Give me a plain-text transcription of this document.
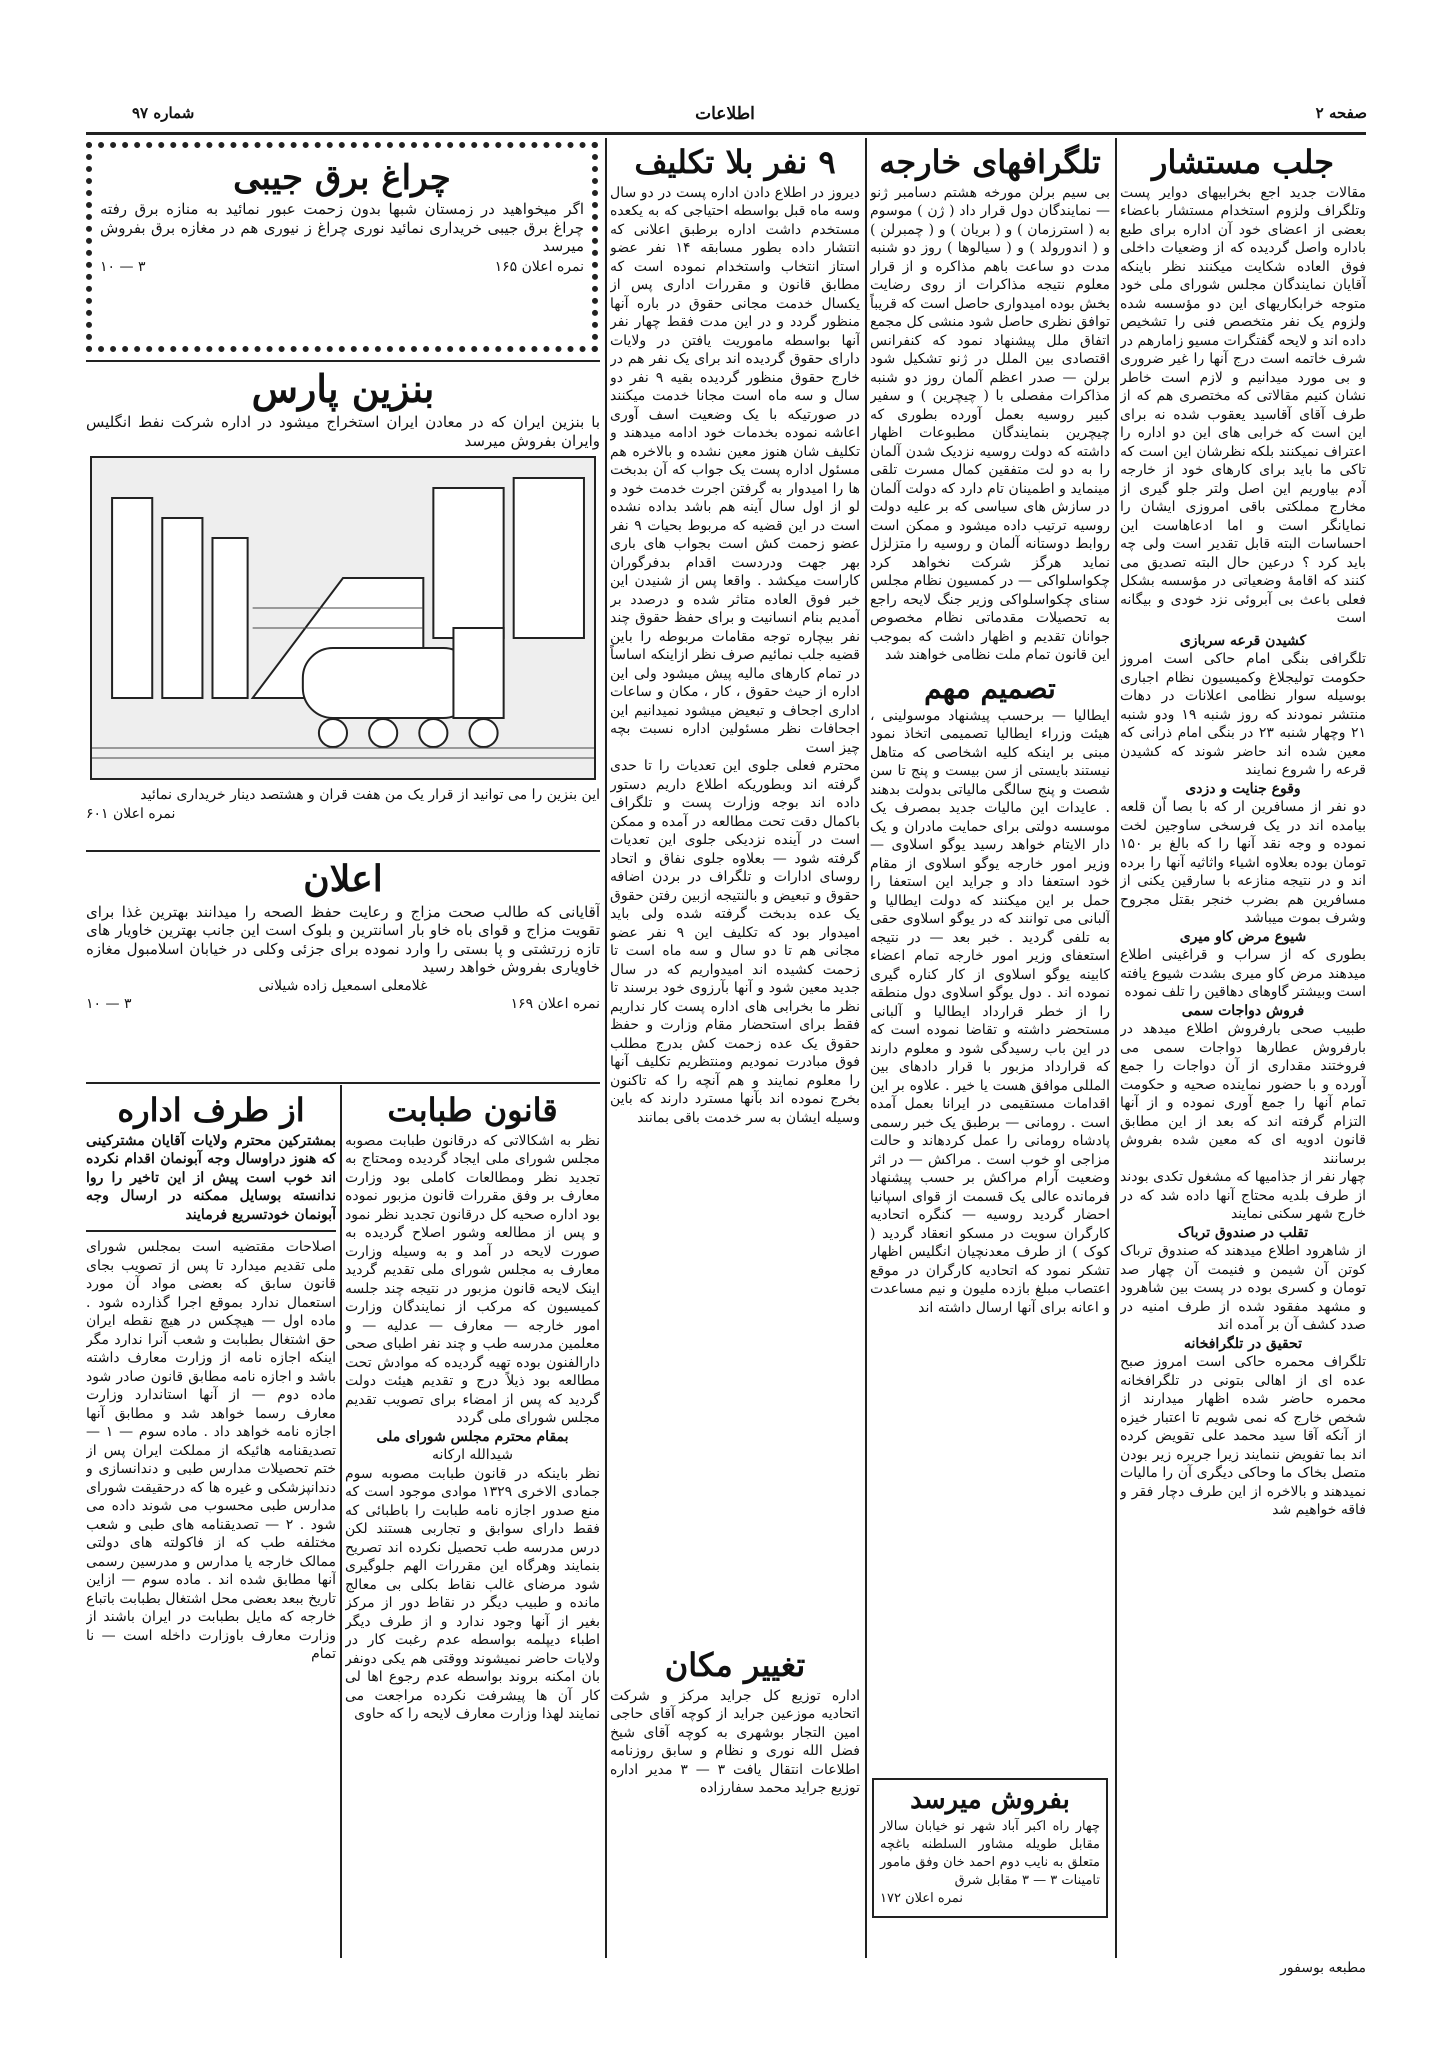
صفحه ۲
اطلاعات
شماره ۹۷
جلب مستشار
مقالات جدید اجع بخرابیهای دوایر پست وتلگراف ولزوم استخدام مستشار باعضاء بعضی از اعضای خود آن اداره برای طبع باداره واصل گردیده که از وضعیات داخلی فوق العاده شکایت میکنند نظر باینکه آقایان نمایندگان مجلس شورای ملی خود متوجه خرابکاریهای این دو مؤسسه شده ولزوم یک نفر متخصص فنی را تشخیص داده اند و لایحه گفتگرات مسیو زامارهم در شرف خاتمه است درج آنها را غیر ضروری و بی مورد میدانیم و لازم است خاطر نشان کنیم مقالاتی که مختصری هم که از طرف آقای آقاسید یعقوب شده نه برای این است که خرابی های این دو اداره را اعتراف نمیکنند بلکه نظرشان این است که تاکی ما باید برای کارهای خود از خارجه آدم بیاوریم این اصل ولتر جلو گیری از مخارج مملکتی باقی امروزی ایشان را نمایانگر است و اما ادعاهاست این احساسات البته قابل تقدیر است ولی چه باید کرد ؟ درعین حال البته تصدیق می کنند که اقامهٔ وضعیاتی در مؤسسه بشکل فعلی باعث بی آبروئی نزد خودی و بیگانه است
کشیدن قرعه سربازی
تلگرافی بنگی امام حاکی است امروز حکومت تولیجلاغ وکمیسیون نظام اجباری بوسیله سوار نظامی اعلانات در دهات منتشر نمودند که روز شنبه ۱۹ ودو شنبه ۲۱ وچهار شنبه ۲۳ در بنگی امام ذرانی که معین شده اند حاضر شوند که کشیدن قرعه را شروع نمایند
وقوع جنایت و دزدی
دو نفر از مسافرین ار که با بصا اّن قلعه بیامده اند در یک فرسخی ساوجین لخت نموده و وجه نقد آنها را که بالغ بر ۱۵۰ تومان بوده بعلاوه اشیاء واثاثیه آنها را برده اند و در نتیجه منازعه با سارقین یکنی از مسافرین هم بضرب خنجر بقتل مجروح وشرف بموت میباشد
شیوع مرض کاو میری
بطوری که از سراب و قراغینی اطلاع میدهند مرض کاو میری بشدت شیوع یافته است وبیشتر گاوهای دهاقین را تلف نموده
فروش دواجات سمی
طبیب صحی بارفروش اطلاع میدهد در بارفروش عطارها دواجات سمی می فروختند مقداری از آن دواجات را جمع آورده و با حضور نماینده صحیه و حکومت تمام آنها را جمع آوری نموده و از آنها التزام گرفته اند که بعد از این مطابق قانون ادویه ای که معین شده بفروش برسانند
چهار نفر از جذامیها که مشغول تکدی بودند از طرف بلدیه محتاج آنها داده شد که در خارج شهر سکنی نمایند
تقلب در صندوق ترباک
از شاهرود اطلاع میدهند که صندوق ترباک کوتن آن شیمن و فنیمت آن چهار صد تومان و کسری بوده در پست بین شاهرود و مشهد مفقود شده از طرف امنیه در صدد کشف آن بر آمده اند
تحقیق در تلگرافخانه
تلگراف محمره حاکی است امروز صبح عده ای از اهالی بتونی در تلگرافخانه محمره حاضر شده اظهار میدارند از شخص خارج که نمی شویم تا اعتبار خیزه از آنکه آقا سید محمد علی تقویض کرده اند بما تفویض ننمایند زیرا جریره زیر بودن متصل بخاک ما وحاکی دیگری آن را مالیات نمیدهند و بالاخره از این طرف دچار فقر و فاقه خواهیم شد
مطبعه بوسفور
تلگرافهای خارجه
بی سیم برلن مورخه هشتم دسامبر ژنو — نمایندگان دول قرار داد ( ژن ) موسوم به ( استرزمان ) و ( بریان ) و ( چمبرلن ) و ( اندورولد ) و ( سیالوها ) روز دو شنبه مدت دو ساعت باهم مذاکره و از قرار معلوم نتیجه مذاکرات از روی رضایت بخش بوده امیدواری حاصل است که قریباً توافق نظری حاصل شود منشی کل مجمع اتفاق ملل پیشنهاد نمود که کنفرانس اقتصادی بین الملل در ژنو تشکیل شود برلن — صدر اعظم آلمان روز دو شنبه مذاکرات مفصلی با ( چیچرین ) و سفیر کبیر روسیه بعمل آورده بطوری که چیچرین بنمایندگان مطبوعات اظهار داشته که دولت روسیه نزدیک شدن آلمان را به دو لت متفقین کمال مسرت تلقی مینماید و اطمینان تام دارد که دولت آلمان در سازش های سیاسی که بر علیه دولت روسیه ترتیب داده میشود و ممکن است روابط دوستانه آلمان و روسیه را متزلزل نماید هرگز شرکت نخواهد کرد چکواسلواکی — در کمسیون نظام مجلس سنای چکواسلواکی وزیر جنگ لایحه راجع به تحصیلات مقدماتی نظام مخصوص جوانان تقدیم و اظهار داشت که بموجب این قانون تمام ملت نظامی خواهند شد
تصمیم مهم
ایطالیا — برحسب پیشنهاد موسولینی ، هیئت وزراء ایطالیا تصمیمی اتخاذ نمود مبنی بر اینکه کلیه اشخاصی که متاهل نیستند بایستی از سن بیست و پنج تا سن شصت و پنج سالگی مالیاتی بدولت بدهند . عایدات این مالیات جدید بمصرف یک موسسه دولتی برای حمایت مادران و یک دار الایتام خواهد رسید یوگو اسلاوی — وزیر امور خارجه یوگو اسلاوی از مقام خود استعفا داد و جراید این استعفا را حمل بر این میکنند که دولت ایطالیا و آلبانی می توانند که در یوگو اسلاوی حقی به تلفی گردید . خبر بعد — در نتیجه استعفای وزیر امور خارجه تمام اعضاء کابینه یوگو اسلاوی از کار کناره گیری نموده اند . دول یوگو اسلاوی دول منطقه را از خطر قرارداد ایطالیا و آلبانی مستحضر داشته و تقاضا نموده است که در این باب رسیدگی شود و معلوم دارند که قرارداد مزبور با قرار دادهای بین المللی موافق هست یا خیر . علاوه بر این اقدامات مستقیمی در ایرانا بعمل آمده است . رومانی — برطبق یک خبر رسمی پادشاه رومانی را عمل کردهاند و حالت مزاجی او خوب است . مراکش — در اثر وضعیت آرام مراکش بر حسب پیشنهاد فرمانده عالی یک قسمت از قوای اسپانیا احضار گردید روسیه — کنگره اتحادیه کارگران سویت در مسکو انعقاد گردید ( کوک ) از طرف معدنچیان انگلیس اظهار تشکر نمود که اتحادیه کارگران در موقع اعتصاب مبلغ بازده ملیون و نیم مساعدت و اعانه برای آنها ارسال داشته اند
بفروش میرسد
چهار راه اکبر آباد شهر نو خیابان سالار مقابل طویله مشاور السلطنه باغچه متعلق به نایب دوم احمد خان وفق مامور تامینات ۳ — ۳ مقابل شرق
نمره اعلان ۱۷۲
۹ نفر بلا تکلیف
دیروز در اطلاع دادن اداره پست در دو سال وسه ماه قبل بواسطه احتیاجی که به یکعده مستخدم داشت اداره برطبق اعلانی که انتشار داده بطور مسابقه ۱۴ نفر عضو استاز انتخاب واستخدام نموده است که مطابق قانون و مقررات اداری پس از یکسال خدمت مجانی حقوق در باره آنها منظور گردد و در این مدت فقط چهار نفر آنها بواسطه ماموریت یافتن در ولایات دارای حقوق گردیده اند برای یک نفر هم در خارج حقوق منظور گردیده بقیه ۹ نفر دو سال و سه ماه است مجانا خدمت میکنند در صورتیکه با یک وضعیت اسف آوری اعاشه نموده بخدمات خود ادامه میدهند و تکلیف شان هنوز معین نشده و بالاخره هم مسئول اداره پست یک جواب که آن بدبخت ها را امیدوار به گرفتن اجرت خدمت خود و لو از اول سال آینه هم باشد بداده نشده است در این قضیه که مربوط بحیات ۹ نفر عضو زحمت کش است بجواب های باری بهر جهت ودردست اقدام بدفرگوران کاراست میکشد . واقعا پس از شنیدن این خبر فوق العاده متاثر شده و درصدد بر آمدیم بنام انسانیت و برای حفظ حقوق چند نفر بیچاره توجه مقامات مربوطه را باین قضیه جلب نمائیم صرف نظر ازاینکه اساساً در تمام کارهای مالیه پیش میشود ولی این اداره از حیث حقوق ، کار ، مکان و ساعات اداری اجحاف و تبعیض میشود نمیدانیم این اجحافات نظر مسئولین اداره نسبت بچه چیز است
محترم فعلی جلوی این تعدیات را تا حدی گرفته اند وبطوریکه اطلاع داریم دستور داده اند بوجه وزارت پست و تلگراف باکمال دقت تحت مطالعه در آمده و ممکن است در آینده نزدیکی جلوی این تعدیات گرفته شود — بعلاوه جلوی نفاق و اتحاد روسای ادارات و تلگراف در بردن اضافه حقوق و تبعیض و بالنتیجه ازبین رفتن حقوق یک عده بدبخت گرفته شده ولی باید امیدوار بود که تکلیف این ۹ نفر عضو مجانی هم تا دو سال و سه ماه است تا زحمت کشیده اند امیدواریم که در سال جدید معین شود و آنها بآرزوی خود برسند تا نظر ما بخرابی های اداره پست کار نداریم فقط برای استحضار مقام وزارت و حفظ حقوق یک عده زحمت کش بدرج مطلب فوق مبادرت نمودیم ومنتظریم تکلیف آنها را معلوم نمایند و هم آنچه را که تاکنون بخرج نموده اند بآنها مسترد دارند که باین وسیله ایشان به سر خدمت باقی بمانند
تغییر مکان
اداره توزیع کل جراید مرکز و شرکت اتحادیه موزعین جراید از کوچه آقای حاجی امین التجار بوشهری به کوچه آقای شیخ فضل الله نوری و نظام و سابق روزنامه اطلاعات انتقال یافت ۳ — ۳ مدیر اداره توزیع جراید محمد سفارزاده
چراغ برق جیبی
اگر میخواهید در زمستان شبها بدون زحمت عبور نمائید به منازه برق رفته چراغ برق جیبی خریداری نمائید نوری چراغ ز نیوری هم در مغازه برق بفروش میرسد
نمره اعلان ۱۶۵
۳ — ۱۰
بنزین پارس
با بنزین ایران که در معادن ایران استخراج میشود در اداره شرکت نفط انگلیس وایران بفروش میرسد
این بنزین را می توانید از قرار یک من هفت قران و هشتصد دینار خریداری نمائید
نمره اعلان ۶۰۱
اعلان
آقایانی که طالب صحت مزاج و رعایت حفظ الصحه را میدانند بهترین غذا برای تقویت مزاج و قوای باه خاو بار اسانترین و بلوک است این جانب بهترین خاویار های تازه زرتشتی و پا بستی را وارد نموده برای جزئی وکلی در خیابان اسلامبول مغازه خاویاری بفروش خواهد رسید
غلامعلی اسمعیل زاده شیلانی
نمره اعلان ۱۶۹
۳ — ۱۰
قانون طبابت
نظر به اشکالاتی که درقانون طبابت مصوبه مجلس شورای ملی ایجاد گردیده ومحتاج به تجدید نظر ومطالعات کاملی بود وزارت معارف بر وفق مقررات قانون مزبور نموده بود اداره صحیه کل درقانون تجدید نظر نمود و پس از مطالعه وشور اصلاح گردیده به صورت لایحه در آمد و به وسیله وزارت معارف به مجلس شورای ملی تقدیم گردید اینک لایحه قانون مزبور در نتیجه چند جلسه کمیسیون که مرکب از نمایندگان وزارت امور خارجه — معارف — عدلیه — و معلمین مدرسه طب و چند نفر اطبای صحی دارالفنون بوده تهیه گردیده که موادش تحت مطالعه بود ذیلاً درج و تقدیم هیئت دولت گردید که پس از امضاء برای تصویب تقدیم مجلس شورای ملی گردد
بمقام محترم مجلس شورای ملی
شیدالله ارکانه
نظر باینکه در قانون طبابت مصوبه سوم جمادی الاخری ۱۳۲۹ موادی موجود است که منع صدور اجازه نامه طبابت را باطبائی که فقط دارای سوابق و تجاربی هستند لکن درس مدرسه طب تحصیل نکرده اند تصریح بنمایند وهرگاه این مقررات الهم جلوگیری شود مرضای غالب نقاط بکلی بی معالج مانده و طبیب دیگر در نقاط دور از مرکز بغیر از آنها وجود ندارد و از طرف دیگر اطباء دیپلمه بواسطه عدم رغبت کار در ولایات حاضر نمیشوند ووقتی هم یکی دونفر بان امکنه بروند بواسطه عدم رجوع اها لی کار آن ها پیشرفت نکرده مراجعت می نمایند لهذا وزارت معارف لایحه را که حاوی
از طرف اداره
بمشترکین محترم ولایات آقایان مشترکینی که هنوز دراوسال وجه آبونمان اقدام نکرده اند خوب است پیش از این تاخیر را روا ندانسته بوسایل ممکنه در ارسال وجه آبونمان خودتسریع فرمایند
اصلاحات مقتضیه است بمجلس شورای ملی تقدیم میدارد تا پس از تصویب بجای قانون سابق که بعضی مواد آن مورد استعمال ندارد بموقع اجرا گذارده شود . ماده اول — هیچکس در هیچ نقطه ایران حق اشتغال بطبابت و شعب آنرا ندارد مگر اینکه اجازه نامه از وزارت معارف داشته باشد و اجازه نامه مطابق قانون صادر شود ماده دوم — از آنها استاندارد وزارت معارف رسما خواهد شد و مطابق آنها اجازه نامه خواهد داد . ماده سوم — ۱ — تصدیقنامه هائیکه از مملکت ایران پس از ختم تحصیلات مدارس طبی و دندانسازی و دندانپزشکی و غیره ها که درحقیقت شورای مدارس طبی محسوب می شوند داده می شود . ۲ — تصدیقنامه های طبی و شعب مختلفه طب که از فاکولته های دولتی ممالک خارجه یا مدارس و مدرسین رسمی آنها مطابق شده اند . ماده سوم — ازاین تاریخ ببعد بعضی محل اشتغال بطبابت باتباع خارجه که مایل بطبابت در ایران باشند از وزارت معارف باوزارت داخله است — نا تمام
